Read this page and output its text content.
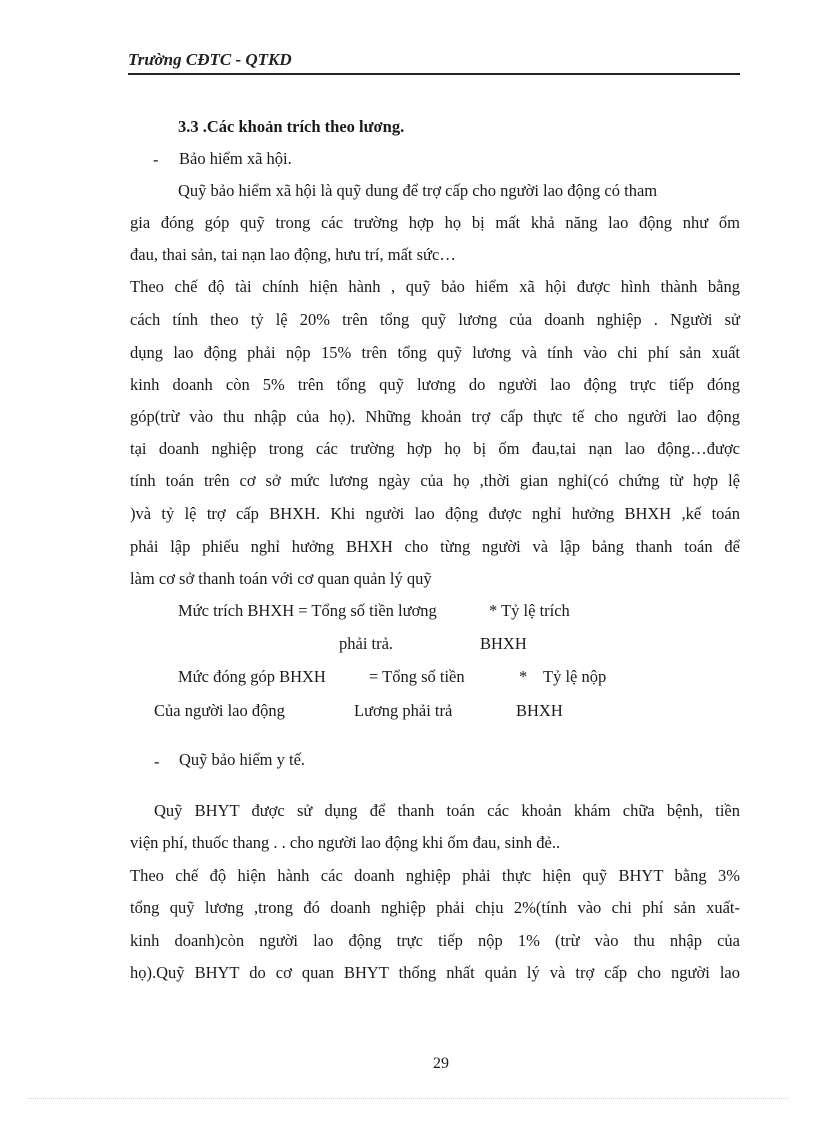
Trường CĐTC - QTKD
3.3 .Các khoản trích theo lương.
- Bảo hiểm xã hội.
Quỹ bảo hiểm xã hội là quỹ dung để trợ cấp cho người lao động có tham
gia đóng góp quỹ trong các trường hợp họ bị mất khả năng lao động như ốm
đau, thai sản, tai nạn lao động, hưu trí, mất sức…
Theo chế độ tài chính hiện hành , quỹ bảo hiểm xã hội được hình thành bằng
cách tính theo tỷ lệ 20% trên tổng quỹ lương của doanh nghiệp . Người sử
dụng lao động phải nộp 15% trên tổng quỹ lương và tính vào chi phí sản xuất
kinh doanh còn 5% trên tổng quỹ lương do người lao động trực tiếp đóng
góp(trừ vào thu nhập của họ). Những khoản trợ cấp thực tế cho người lao động
tại doanh nghiệp trong các trường hợp họ bị ốm đau,tai nạn lao động…được
tính toán trên cơ sở mức lương ngày của họ ,thời gian nghỉ(có chứng từ hợp lệ
)và tỷ lệ trợ cấp BHXH. Khi người lao động được nghỉ hưởng BHXH ,kế toán
phải lập phiếu nghỉ hưởng BHXH cho từng người và lập bảng thanh toán để
làm cơ sở thanh toán với cơ quan quản lý quỹ
Mức trích BHXH = Tổng số tiền lương	* Tỷ lệ trích
phải trả.	BHXH
Mức đóng góp BHXH	= Tổng số tiền	* Tỷ lệ nộp
Của người lao động	Lương phải trả	BHXH
- Quỹ bảo hiểm y tế.
Quỹ BHYT được sử dụng để thanh toán các khoản khám chữa bệnh, tiền
viện phí, thuốc thang . . cho người lao động khi ốm đau, sinh đẻ..
Theo chế độ hiện hành các doanh nghiệp phải thực hiện quỹ BHYT bằng 3%
tổng quỹ lương ,trong đó doanh nghiệp phải chịu 2%(tính vào chi phí sản xuất-
kinh doanh)còn người lao động trực tiếp nộp 1% (trừ vào thu nhập của
họ).Quỹ BHYT do cơ quan BHYT thống nhất quản lý và trợ cấp cho người lao
29
